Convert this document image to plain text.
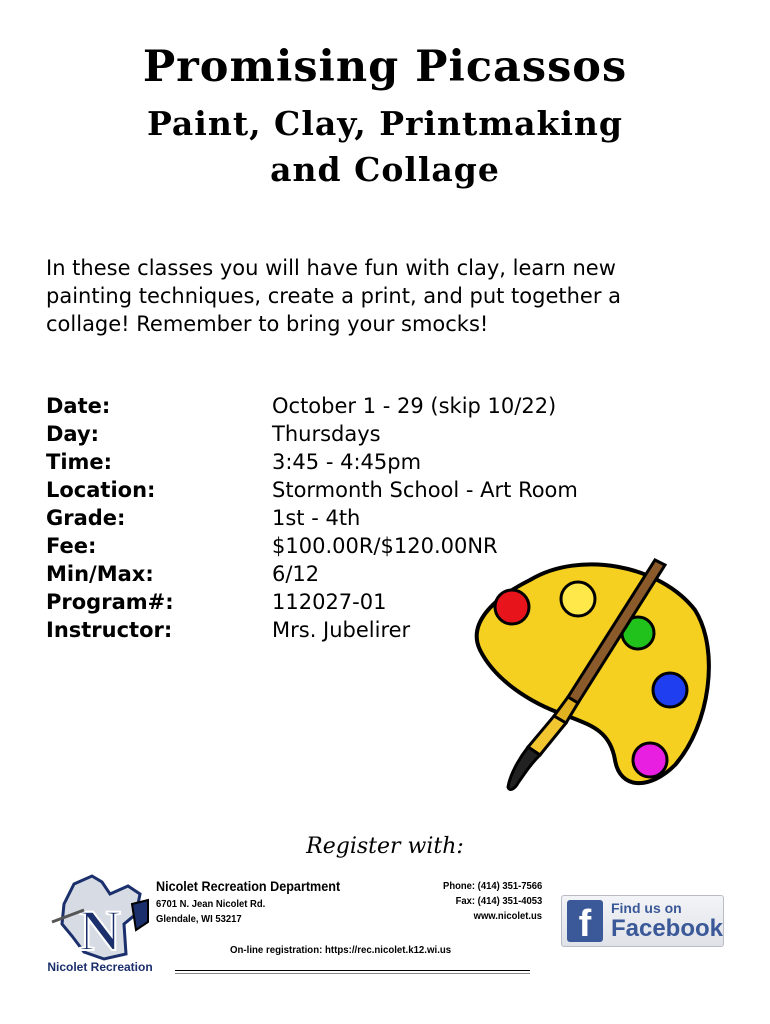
Promising Picassos
Paint, Clay, Printmaking
and Collage
In these classes you will have fun with clay, learn new painting techniques, create a print, and put together a collage! Remember to bring your smocks!
Date:	October 1 - 29 (skip 10/22)
Day:	Thursdays
Time:	3:45 - 4:45pm
Location:	Stormonth School - Art Room
Grade:	1st - 4th
Fee:	$100.00R/$120.00NR
Min/Max:	6/12
Program#:	112027-01
Instructor:	Mrs. Jubelirer
Register with:
N
Nicolet Recreation
Nicolet Recreation Department
6701 N. Jean Nicolet Rd.
Glendale, WI 53217
Phone: (414) 351-7566
Fax: (414) 351-4053
www.nicolet.us
On-line registration: https://rec.nicolet.k12.wi.us
f	Find us on
Facebook
